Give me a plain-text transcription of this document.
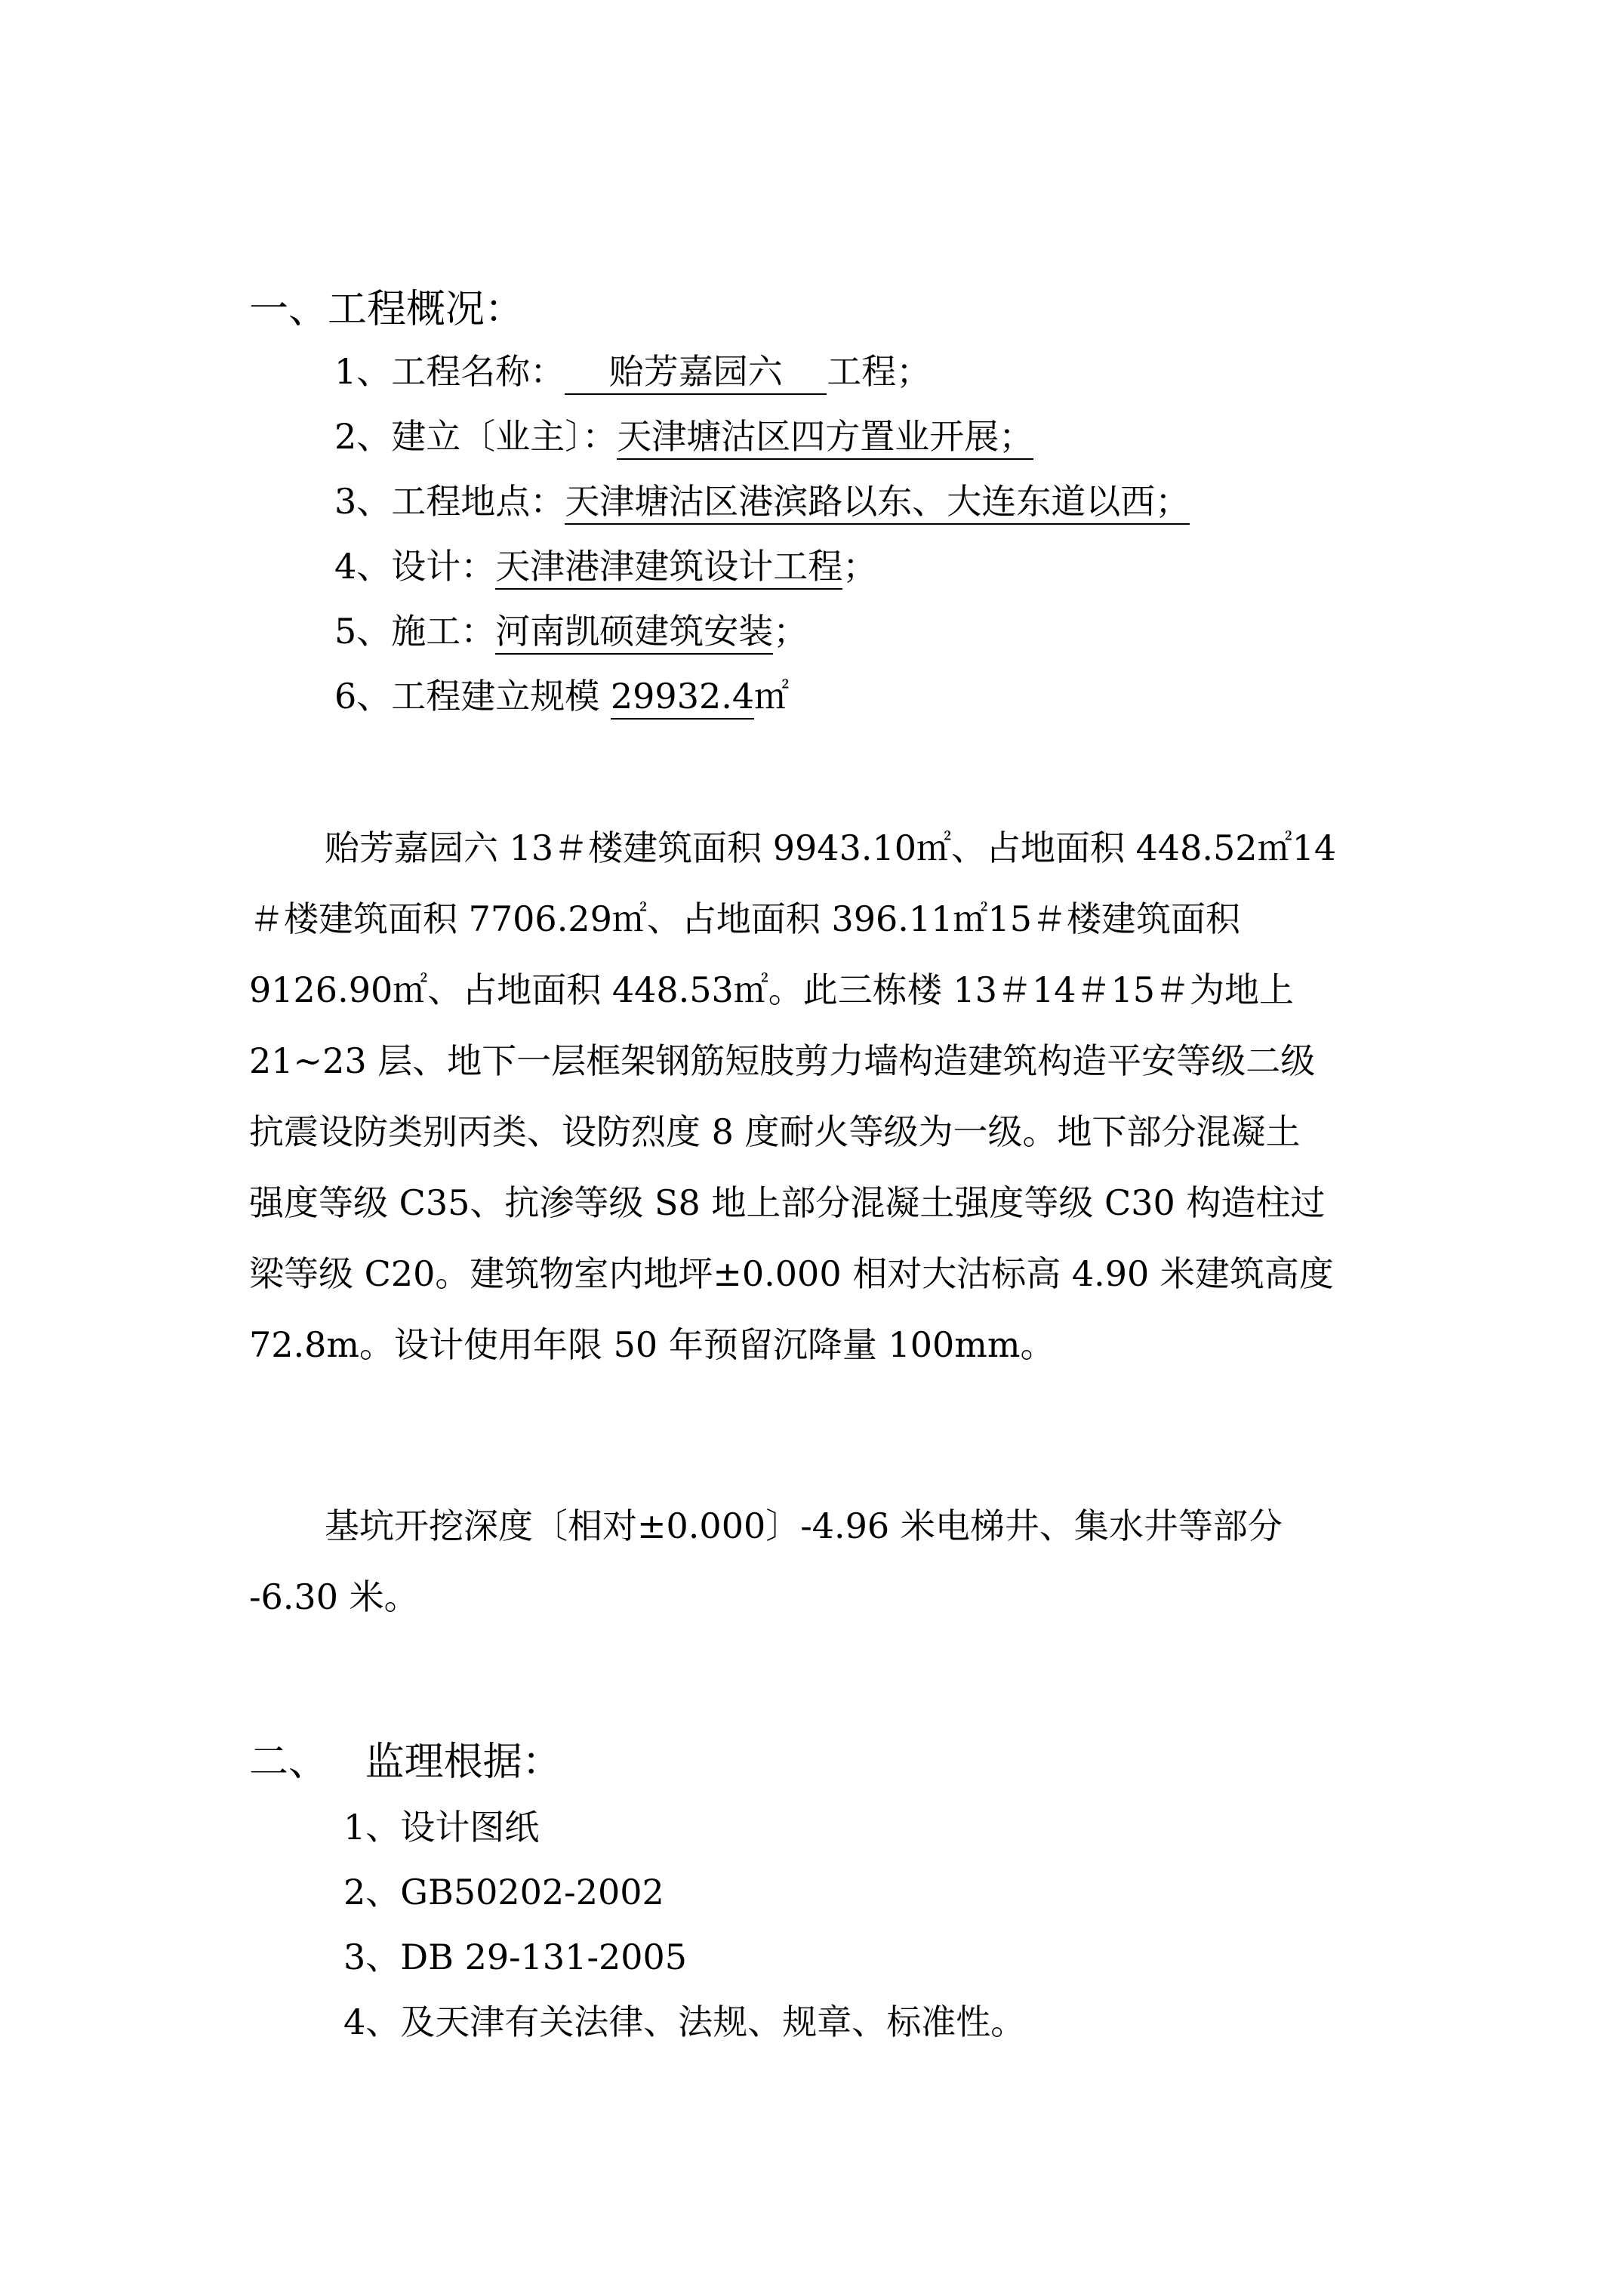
一、工程概况：
1、工程名称：    贻芳嘉园六    工程；
2、建立〔业主〕：天津塘沽区四方置业开展；
3、工程地点：天津塘沽区港滨路以东、大连东道以西；
4、设计：天津港津建筑设计工程；
5、施工：河南凯硕建筑安装；
6、工程建立规模 29932.4㎡
贻芳嘉园六 13＃楼建筑面积 9943.10㎡、占地面积 448.52㎡14
＃楼建筑面积 7706.29㎡、占地面积 396.11㎡15＃楼建筑面积
9126.90㎡、占地面积 448.53㎡。此三栋楼 13＃14＃15＃为地上
21~23 层、地下一层框架钢筋短肢剪力墙构造建筑构造平安等级二级
抗震设防类别丙类、设防烈度 8 度耐火等级为一级。地下部分混凝土
强度等级 C35、抗渗等级 S8 地上部分混凝土强度等级 C30 构造柱过
梁等级 C20。建筑物室内地坪±0.000 相对大沽标高 4.90 米建筑高度
72.8m。设计使用年限 50 年预留沉降量 100mm。
基坑开挖深度〔相对±0.000〕-4.96 米电梯井、集水井等部分
-6.30 米。
二、   监理根据：
1、设计图纸
2、GB50202-2002
3、DB 29-131-2005
4、及天津有关法律、法规、规章、标准性。
